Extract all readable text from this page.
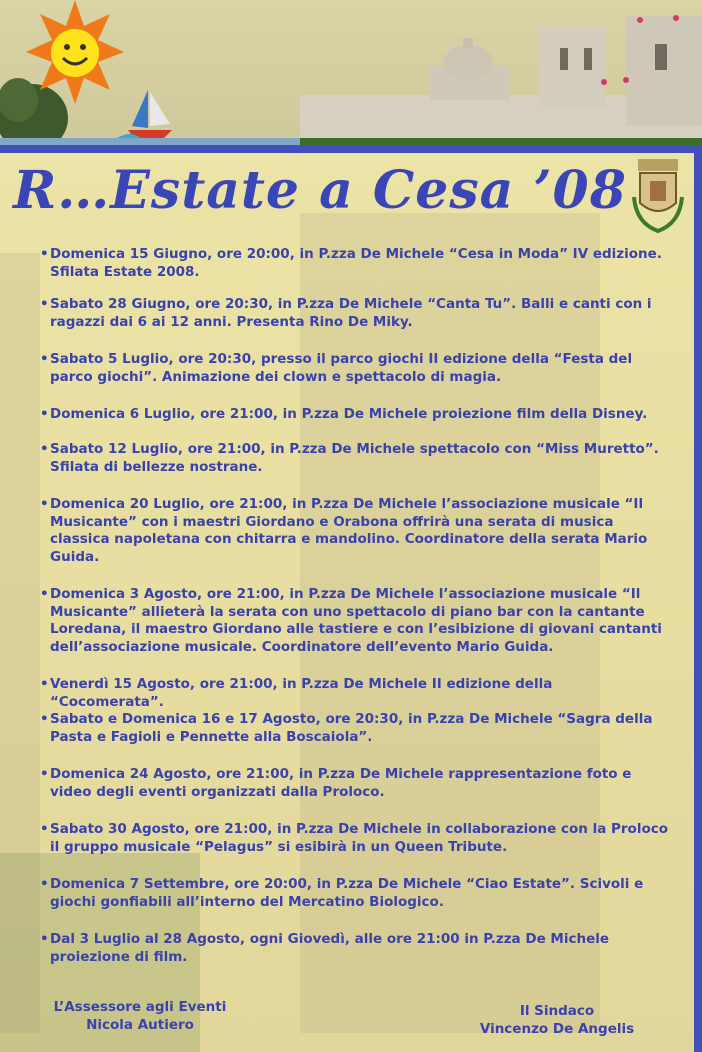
R…Estate a Cesa ’08
• Domenica 15 Giugno, ore 20:00, in P.zza De Michele “Cesa in Moda” IV edizione. Sfilata Estate 2008.
• Sabato 28 Giugno, ore 20:30, in P.zza De Michele “Canta Tu”. Balli e canti con i ragazzi dai 6 ai 12 anni. Presenta Rino De Miky.
• Sabato 5 Luglio, ore 20:30, presso il parco giochi II edizione della “Festa del parco giochi”. Animazione dei clown e spettacolo di magia.
• Domenica 6 Luglio, ore 21:00, in P.zza De Michele proiezione film della Disney.
• Sabato 12 Luglio, ore 21:00, in P.zza De Michele spettacolo con “Miss Muretto”. Sfilata di bellezze nostrane.
• Domenica 20 Luglio, ore 21:00, in P.zza De Michele l’associazione musicale “Il Musicante” con i maestri Giordano e Orabona offrirà una serata di musica classica napoletana con chitarra e mandolino. Coordinatore della serata Mario Guida.
• Domenica 3 Agosto, ore 21:00, in P.zza De Michele l’associazione musicale “Il Musicante” allieterà la serata con uno spettacolo di piano bar con la cantante Loredana, il maestro Giordano alle tastiere e con l’esibizione di giovani cantanti dell’associazione musicale. Coordinatore dell’evento Mario Guida.
• Venerdì 15 Agosto, ore 21:00, in P.zza De Michele II edizione della “Cocomerata”.
• Sabato e Domenica 16 e 17 Agosto, ore 20:30, in P.zza De Michele “Sagra della Pasta e Fagioli e Pennette alla Boscaiola”.
• Domenica 24 Agosto, ore 21:00, in P.zza De Michele rappresentazione foto e video degli eventi organizzati dalla Proloco.
• Sabato 30 Agosto, ore 21:00, in P.zza De Michele in collaborazione con la Proloco il gruppo musicale “Pelagus” si esibirà in un Queen Tribute.
• Domenica 7 Settembre, ore 20:00, in P.zza De Michele “Ciao Estate”. Scivoli e giochi gonfiabili all’interno del Mercatino Biologico.
• Dal 3 Luglio al 28 Agosto, ogni Giovedì, alle ore 21:00 in P.zza De Michele proiezione di film.
L’Assessore agli Eventi
Nicola Autiero
Il Sindaco
Vincenzo De Angelis
